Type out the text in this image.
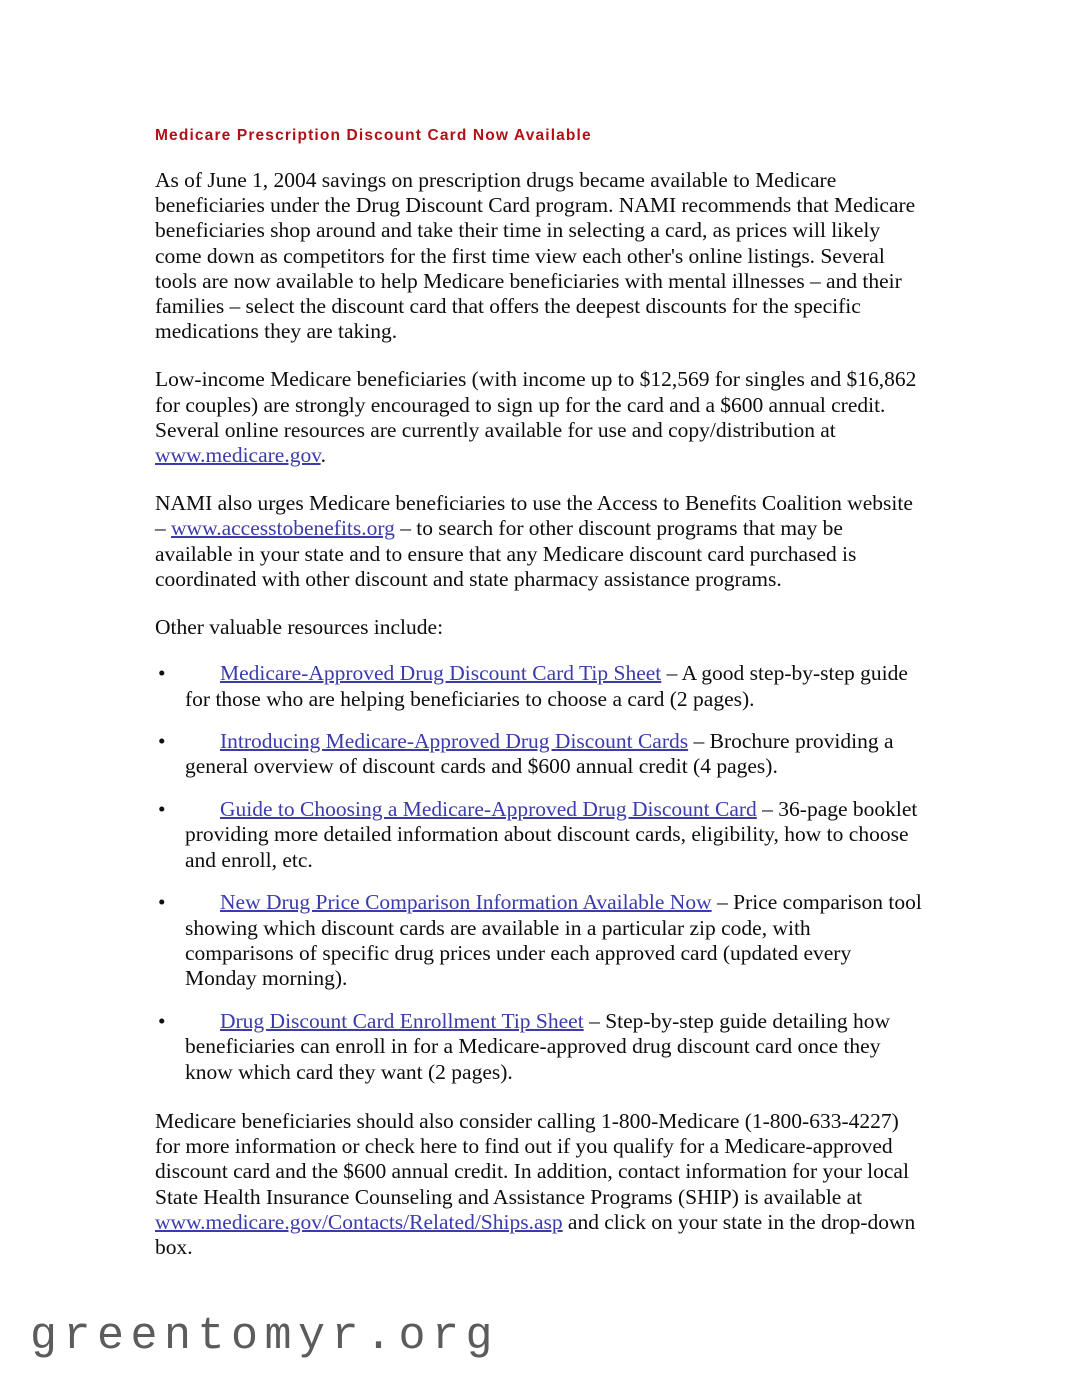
Medicare Prescription Discount Card Now Available

As of June 1, 2004 savings on prescription drugs became available to Medicare beneficiaries under the Drug Discount Card program. NAMI recommends that Medicare beneficiaries shop around and take their time in selecting a card, as prices will likely come down as competitors for the first time view each other's online listings. Several tools are now available to help Medicare beneficiaries with mental illnesses – and their families – select the discount card that offers the deepest discounts for the specific medications they are taking.

Low-income Medicare beneficiaries (with income up to $12,569 for singles and $16,862 for couples) are strongly encouraged to sign up for the card and a $600 annual credit. Several online resources are currently available for use and copy/distribution at www.medicare.gov.

NAMI also urges Medicare beneficiaries to use the Access to Benefits Coalition website – www.accesstobenefits.org – to search for other discount programs that may be available in your state and to ensure that any Medicare discount card purchased is coordinated with other discount and state pharmacy assistance programs.

Other valuable resources include:

•	Medicare-Approved Drug Discount Card Tip Sheet – A good step-by-step guide for those who are helping beneficiaries to choose a card (2 pages).
•	Introducing Medicare-Approved Drug Discount Cards – Brochure providing a general overview of discount cards and $600 annual credit (4 pages).
•	Guide to Choosing a Medicare-Approved Drug Discount Card – 36-page booklet providing more detailed information about discount cards, eligibility, how to choose and enroll, etc.
•	New Drug Price Comparison Information Available Now – Price comparison tool showing which discount cards are available in a particular zip code, with comparisons of specific drug prices under each approved card (updated every Monday morning).
•	Drug Discount Card Enrollment Tip Sheet – Step-by-step guide detailing how beneficiaries can enroll in for a Medicare-approved drug discount card once they know which card they want (2 pages).

Medicare beneficiaries should also consider calling 1-800-Medicare (1-800-633-4227) for more information or check here to find out if you qualify for a Medicare-approved discount card and the $600 annual credit. In addition, contact information for your local State Health Insurance Counseling and Assistance Programs (SHIP) is available at www.medicare.gov/Contacts/Related/Ships.asp and click on your state in the drop-down box.

greentomyr.org
